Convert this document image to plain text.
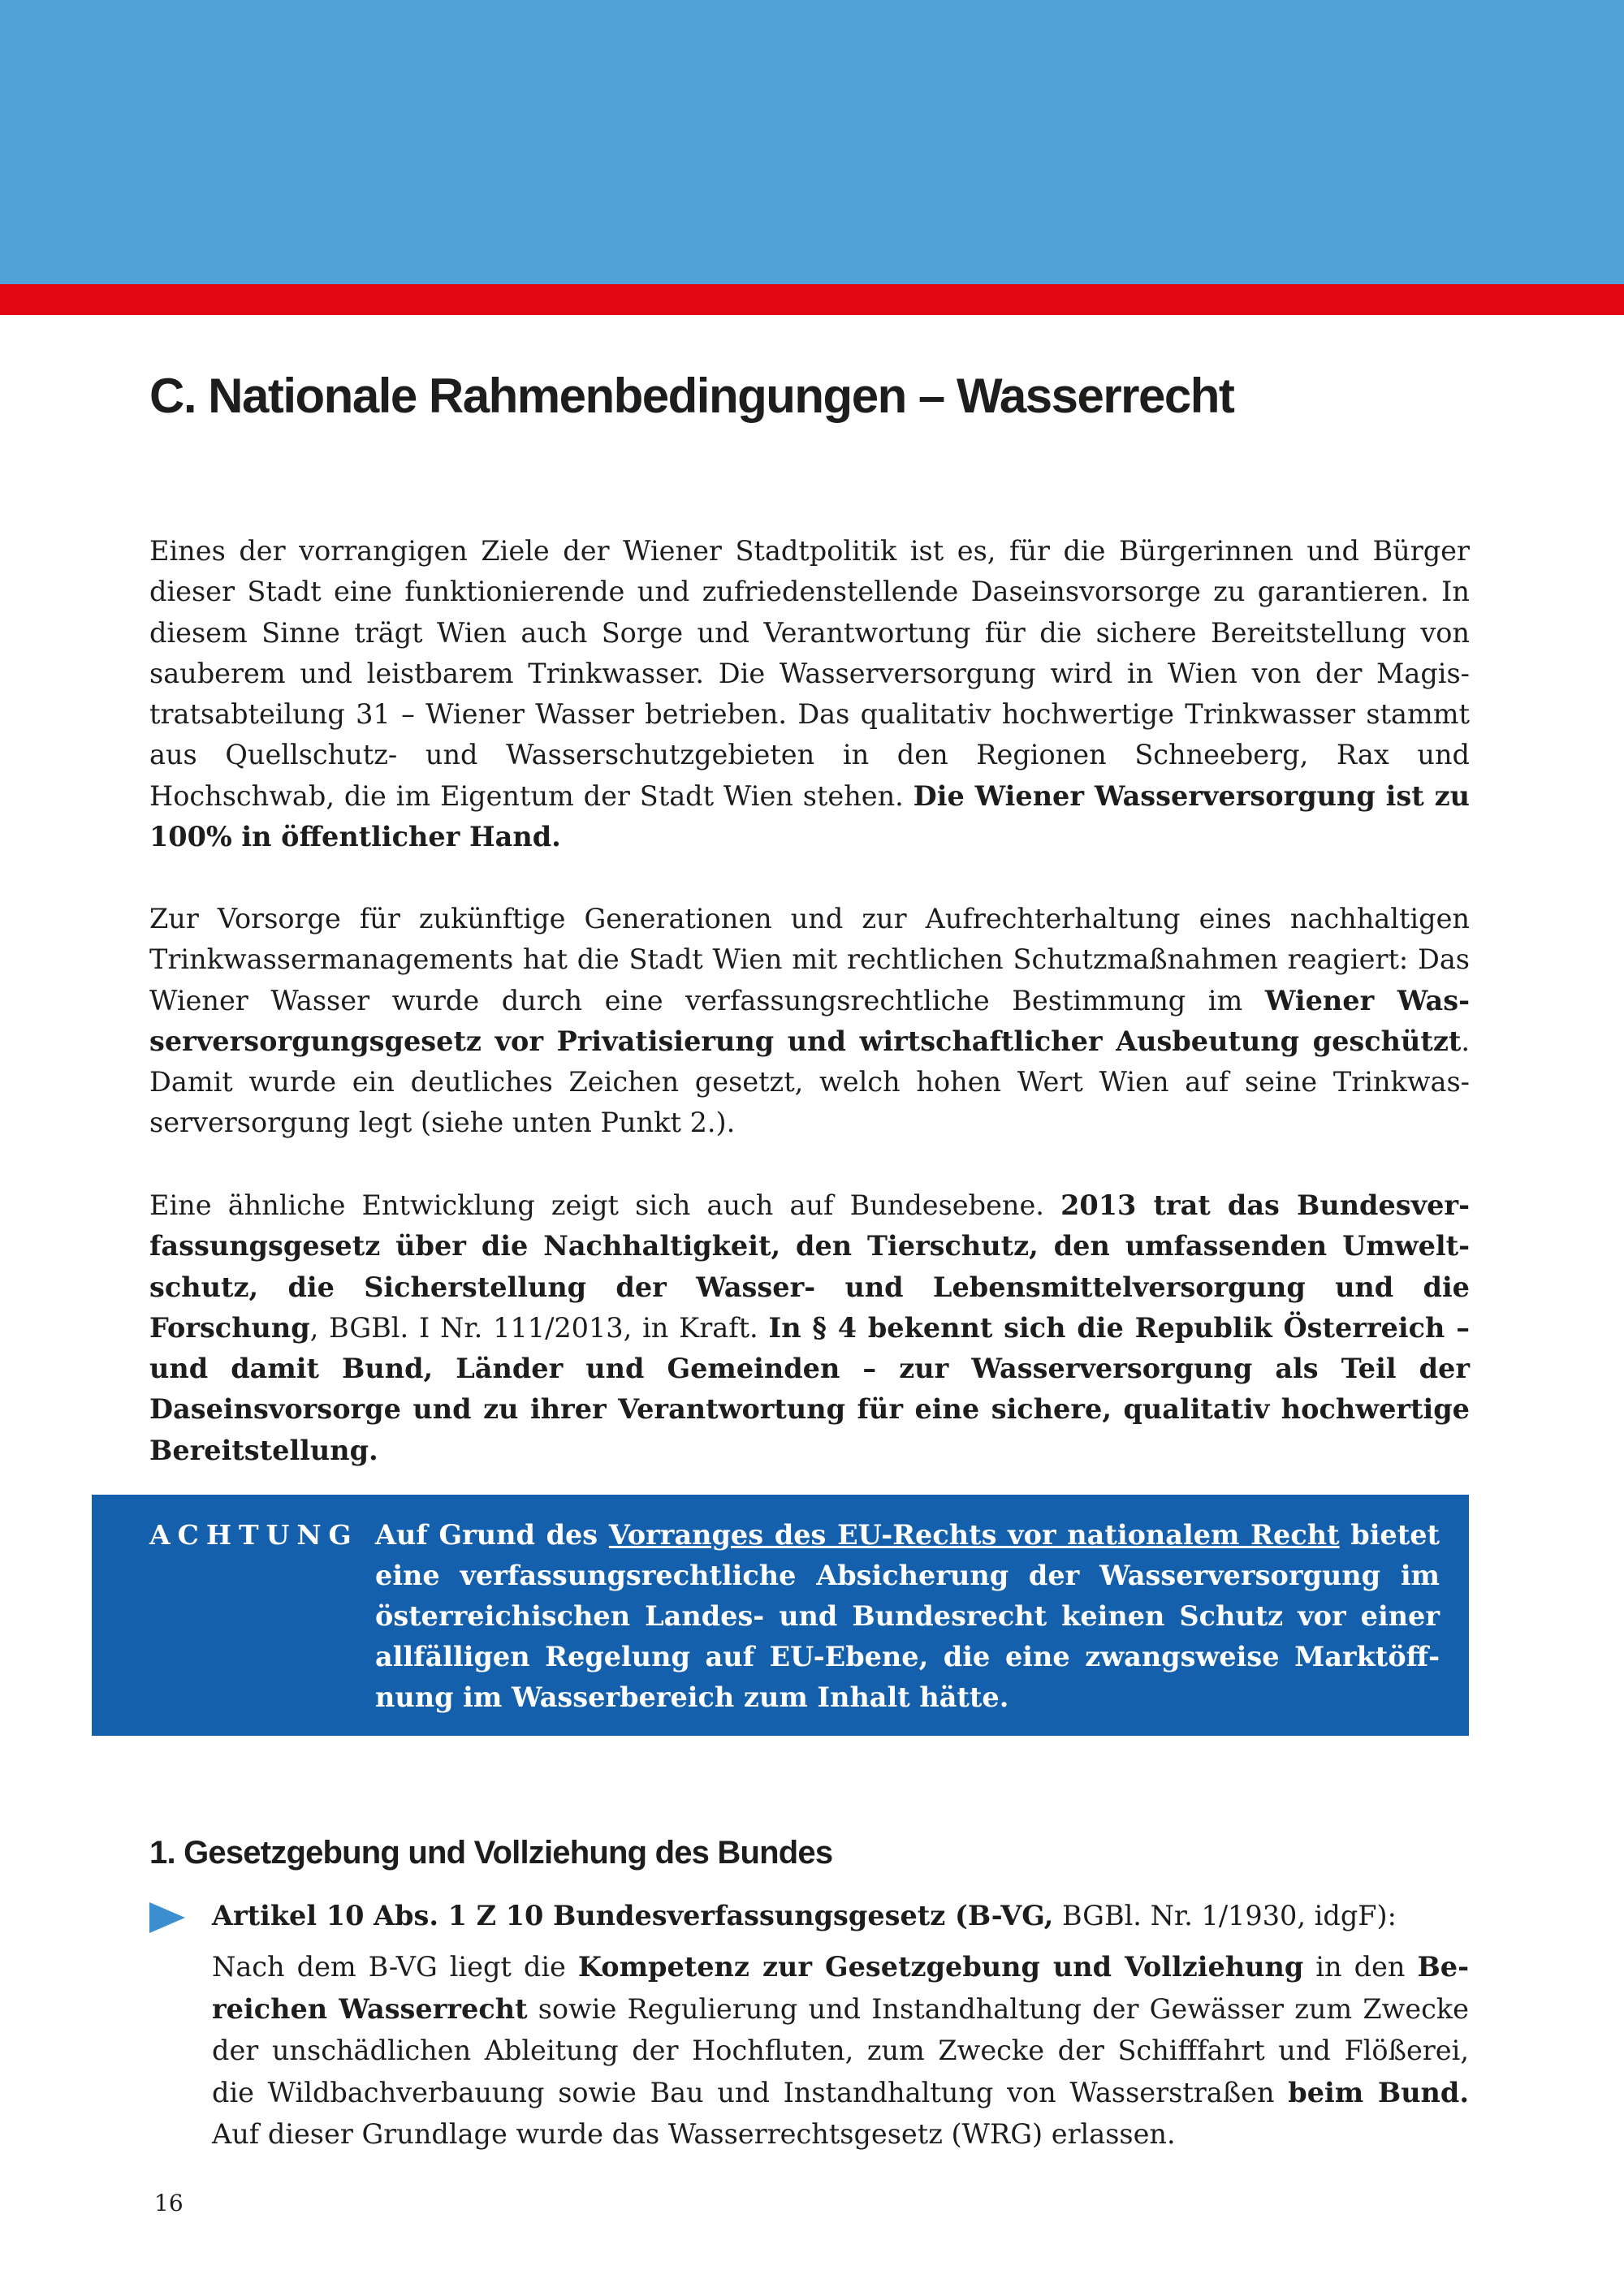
C. Nationale Rahmenbedingungen – Wasserrecht

Eines der vorrangigen Ziele der Wiener Stadtpolitik ist es, für die Bürgerinnen und Bürger dieser Stadt eine funktionierende und zufriedenstellende Daseinsvorsorge zu garantieren. In diesem Sinne trägt Wien auch Sorge und Verantwortung für die sichere Bereitstellung von sauberem und leistbarem Trinkwasser. Die Wasserversorgung wird in Wien von der Magistratsabteilung 31 – Wiener Wasser betrieben. Das qualitativ hochwertige Trinkwasser stammt aus Quellschutz- und Wasserschutzgebieten in den Regionen Schneeberg, Rax und Hochschwab, die im Eigentum der Stadt Wien stehen. Die Wiener Wasserversorgung ist zu 100% in öffentlicher Hand.

Zur Vorsorge für zukünftige Generationen und zur Aufrechterhaltung eines nachhaltigen Trinkwassermanagements hat die Stadt Wien mit rechtlichen Schutzmaßnahmen reagiert: Das Wiener Wasser wurde durch eine verfassungsrechtliche Bestimmung im Wiener Wasserversorgungsgesetz vor Privatisierung und wirtschaftlicher Ausbeutung geschützt. Damit wurde ein deutliches Zeichen gesetzt, welch hohen Wert Wien auf seine Trinkwasserversorgung legt (siehe unten Punkt 2.).

Eine ähnliche Entwicklung zeigt sich auch auf Bundesebene. 2013 trat das Bundesverfassungsgesetz über die Nachhaltigkeit, den Tierschutz, den umfassenden Umweltschutz, die Sicherstellung der Wasser- und Lebensmittelversorgung und die Forschung, BGBl. I Nr. 111/2013, in Kraft. In § 4 bekennt sich die Republik Österreich – und damit Bund, Länder und Gemeinden – zur Wasserversorgung als Teil der Daseinsvorsorge und zu ihrer Verantwortung für eine sichere, qualitativ hochwertige Bereitstellung.

ACHTUNG Auf Grund des Vorranges des EU-Rechts vor nationalem Recht bietet eine verfassungsrechtliche Absicherung der Wasserversorgung im österreichischen Landes- und Bundesrecht keinen Schutz vor einer allfälligen Regelung auf EU-Ebene, die eine zwangsweise Marktöffnung im Wasserbereich zum Inhalt hätte.

1. Gesetzgebung und Vollziehung des Bundes

Artikel 10 Abs. 1 Z 10 Bundesverfassungsgesetz (B-VG, BGBl. Nr. 1/1930, idgF):

Nach dem B-VG liegt die Kompetenz zur Gesetzgebung und Vollziehung in den Bereichen Wasserrecht sowie Regulierung und Instandhaltung der Gewässer zum Zwecke der unschädlichen Ableitung der Hochfluten, zum Zwecke der Schifffahrt und Flößerei, die Wildbachverbauung sowie Bau und Instandhaltung von Wasserstraßen beim Bund. Auf dieser Grundlage wurde das Wasserrechtsgesetz (WRG) erlassen.

16
